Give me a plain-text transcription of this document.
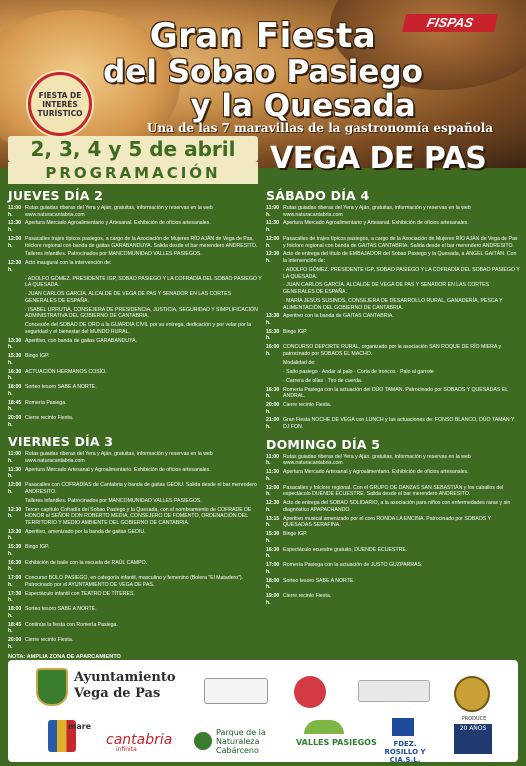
Gran Fiesta
del Sobao Pasiego
y la Quesada
FISPAS
FIESTA DE INTERÉS TURÍSTICO
Una de las 7 maravillas de la gastronomía española
2, 3, 4 y 5 de abril
PROGRAMACIÓN	VEGA DE PAS
JUEVES DÍA 2
11:00 h.
Rutas guiadas riberas del Yera y Aján, gratuitas, información y reservas en la web www.naturacantabria.com
11:30 h.
Apertura Mercado Agroalimentario y Artesanal. Exhibición de oficios artesanales.
12:00 h.
Pasacalles trajes típicos pasiegos, a cargo de la Asociación de Mujeres RÍO AJÁN de Vega de Pas, folclore regional con banda de gaitas GARABANDUYA. Salida desde el bar merendero ANDRESITO.
Talleres infantiles. Patrocinados por MANCOMUNIDAD VALLES PASIEGOS.
12:30 h.
Acto inaugural con la intervención de:
· ADOLFO GÓMEZ. PRESIDENTE IGP, SOBAO PASIEGO Y LA COFRADÍA DEL SOBAO PASIEGO Y LA QUESADA.
· JUAN CARLOS GARCÍA. ALCALDE DE VEGA DE PAS Y SENADOR EN LAS CORTES GENERALES DE ESPAÑA.
· ISABEL URRUTIA, CONSEJERA DE PRESIDENCIA, JUSTICIA, SEGURIDAD Y SIMPLIFICACIÓN ADMINISTRATIVA DEL GOBIERNO DE CANTABRIA.
Concesión del SOBAO DE ORO a la GUARDIA CIVIL por su entrega, dedicación y por velar por la seguridad y el bienestar del MUNDO RURAL.
13:30 h.
Aperitivo, con banda de gaitas GARABANDUYA.
15:30 h.
Bingo IGP.
16:30 h.
ACTUACIÓN HERMANOS COSÍO.
18:00 h.
Sorteo tesoro SABE A NORTE.
18:45 h.
Romería Pasiega.
20:00 h.
Cierre recinto Fiesta.
VIERNES DÍA 3
11:00 h.
Rutas guiadas riberas del Yera y Aján, gratuitas, información y reservas en la web www.naturacantabria.com
11:30 h.
Apertura Mercado Artesanal y Agroalimentario. Exhibición de oficios artesanales.
12:00 h.
Pasacalles con COFRADÍAS de Cantabria y banda de gaitas GEDIU. Salida desde el bar merendero ANDRESITO.
Talleres infantiles. Patrocinados por MANCOMUNIDAD VALLES PASIEGOS.
12:30 h.
Tercer capítulo Cofradía del Sobao Pasiego y la Quesada, con el nombramiento de COFRADE DE HONOR al SEÑOR DON ROBERTO MEDIA, CONSEJERO DE FOMENTO, ORDENACIÓN DEL TERRITORIO Y MEDIO AMBIENTE DEL GOBIERNO DE CANTABRIA.
13:30 h.
Aperitivo, amenizado por la banda de gaitas GEDIU.
15:30 h.
Bingo IGP.
16:30 h.
Exhibición de baile con la escuela de RAÚL CAMPO.
17:00 h.
Concurso BOLO PASIEGO, en categoría infantil, masculino y femenino (Bolera "El Matadero"). Patrocinado por el AYUNTAMIENTO DE VEGA DE PAS.
17:30 h.
Espectáculo infantil con TEATRO DE TÍTERES.
18:00 h.
Sorteo tesoro SABE A NORTE.
18:45 h.
Continúa la fiesta con Romería Pasiega.
20:00 h.
Cierre recinto Fiesta.
NOTA: AMPLIA ZONA DE APARCAMIENTO
SÁBADO DÍA 4
11:00 h.
Rutas guiadas riberas del Yera y Aján, gratuitas, información y reservas en la web www.naturacantabria.com
11:30 h.
Apertura Mercado Agroalimentario y Artesanal. Exhibición de oficios artesanales.
12:00 h.
Pasacalles de trajes típicos pasiegos, a cargo de la Asociación de Mujeres RÍO AJÁN de Vega de Pas y folclore regional con banda de GAITAS CANTABRIA. Salida desde el bar merendero ANDRESITO.
12:30 h.
Acto de entrega del título de EMBAJADOR del Sobao Pasiego y la Quesada, a ÁNGEL GAITÁN. Con la intervención de:
· ADOLFO GÓMEZ. PRESIDENTE IGP, SOBAO PASIEGO Y LA COFRADÍA DEL SOBAO PASIEGO Y LA QUESADA.
· JUAN CARLOS GARCÍA. ALCALDE DE VEGA DE PAS Y SENADOR EN LAS CORTES GENERALES DE ESPAÑA.
· MARÍA JESÚS SUSINOS, CONSEJERA DE DESARROLLO RURAL, GANADERÍA, PESCA Y ALIMENTACIÓN DEL GOBIERNO DE CANTABRIA.
13:30 h.
Aperitivo con la banda de GAITAS CANTABRIA.
15:30 h.
Bingo IGP.
16:00 h.
CONCURSO DEPORTE RURAL, organizado por la asociación SAN ROQUE DE RÍO MIERA y patrocinado por SOBAOS EL MACHO.
Modalidad de:
· Salto pasiego · Andar al palo · Corta de troncos · Palo al garrote
· Carrera de ollas · Tiro de cuerda.
16:30 h.
Romería Pasiega con la actuación del DÚO TAMAN. Patrocinado por SOBAOS Y QUESADAS EL ANDRAL.
20:00 h.
Cierre recinto Fiesta.
21:00 h.
Gran Fiesta NOCHE DE VEGA con LUNCH y las actuaciones de: FONSO BLANCO, DÚO TAMAN Y DJ FON.
DOMINGO DÍA 5
11:00 h.
Rutas guiadas riberas del Yera y Aján, gratuitas, información y reservas en la web www.naturacantabria.com
11:30 h.
Apertura Mercado Artesanal y Agroalimentario. Exhibición de oficios artesanales.
12:00 h.
Pasacalles y folclore regional. Con el GRUPO DE DANZAS SAN SEBASTIÁN y los caballos del espectáculo DUENDE ECUESTRE. Salida desde el bar merendero ANDRESITO.
12:30 h.
Acto de entrega del SOBAO SOLIDARIO, a la asociación para niños con enfermedades raras y sin diagnóstico APAPACHANDO.
13:15 h.
Aperitivo musical amenizado por el coro RONDA LA ENCINA. Patrocinado por SOBAOS Y QUESADAS SERAFINA.
15:30 h.
Bingo IGP.
16:30 h.
Espectáculo ecuestre gratuito, DUENDE ECUESTRE.
17:00 h.
Romería Pasiega con la actuación de JUSTO GUZPARRAS.
18:00 h.
Sorteo tesoro SABE A NORTE.
19:00 h.
Cierre recinto Fiesta.
Ayuntamiento Vega de Pas
mare
cantabria
infinita
Parque de la Naturaleza Cabárceno
VALLES PASIEGOS	FDEZ. ROSILLO Y CIA.S.L.
PRODUCE
20 AÑOS
